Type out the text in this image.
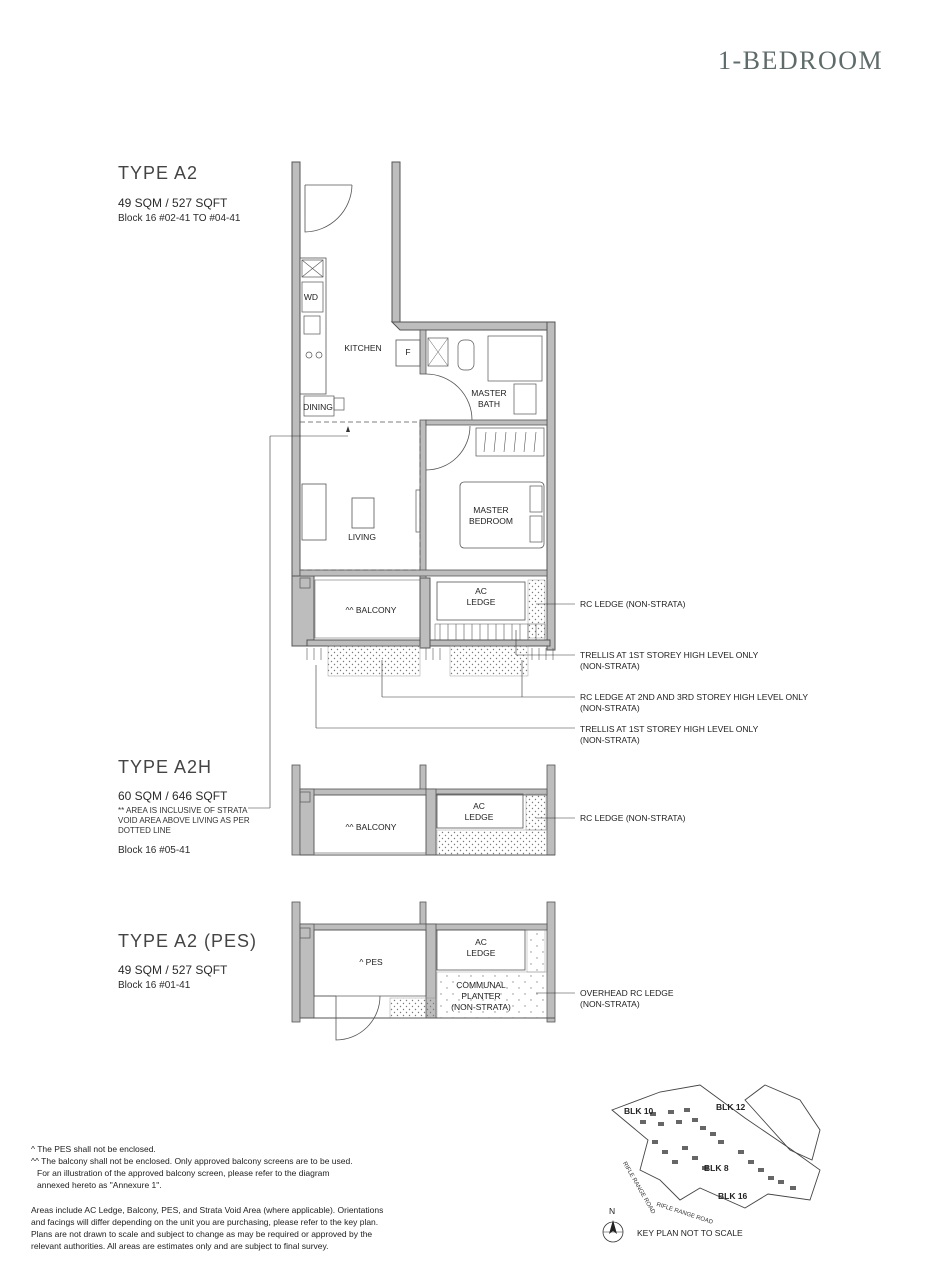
1-BEDROOM
TYPE A2
49 SQM / 527 SQFT
Block 16 #02-41 TO #04-41
TYPE A2H
60 SQM / 646 SQFT
** AREA IS INCLUSIVE OF STRATA VOID AREA ABOVE LIVING AS PER DOTTED LINE
Block 16 #05-41
TYPE A2 (PES)
49 SQM / 527 SQFT
Block 16 #01-41
KITCHEN	F
WD
DINING
LIVING
MASTER
BATH
MASTER
BEDROOM
^^ BALCONY
AC
LEDGE
^^ BALCONY
AC
LEDGE
^ PES
AC
LEDGE
COMMUNAL
PLANTER
(NON-STRATA)
RC LEDGE (NON-STRATA)
TRELLIS AT 1ST STOREY HIGH LEVEL ONLY
(NON-STRATA)
RC LEDGE AT 2ND AND 3RD STOREY HIGH LEVEL ONLY
(NON-STRATA)
TRELLIS AT 1ST STOREY HIGH LEVEL ONLY
(NON-STRATA)
RC LEDGE (NON-STRATA)
OVERHEAD RC LEDGE
(NON-STRATA)
^ The PES shall not be enclosed.
^^ The balcony shall not be enclosed. Only approved balcony screens are to be used.
For an illustration of the approved balcony screen, please refer to the diagram
annexed hereto as "Annexure 1".
Areas include AC Ledge, Balcony, PES, and Strata Void Area (where applicable). Orientations
and facings will differ depending on the unit you are purchasing, please refer to the key plan.
Plans are not drawn to scale and subject to change as may be required or approved by the
relevant authorities. All areas are estimates only and are subject to final survey.
BLK 10	BLK 12
BLK 8
BLK 16
RIFLE RANGE ROAD RIFLE RANGE ROAD
N
KEY PLAN NOT TO SCALE
